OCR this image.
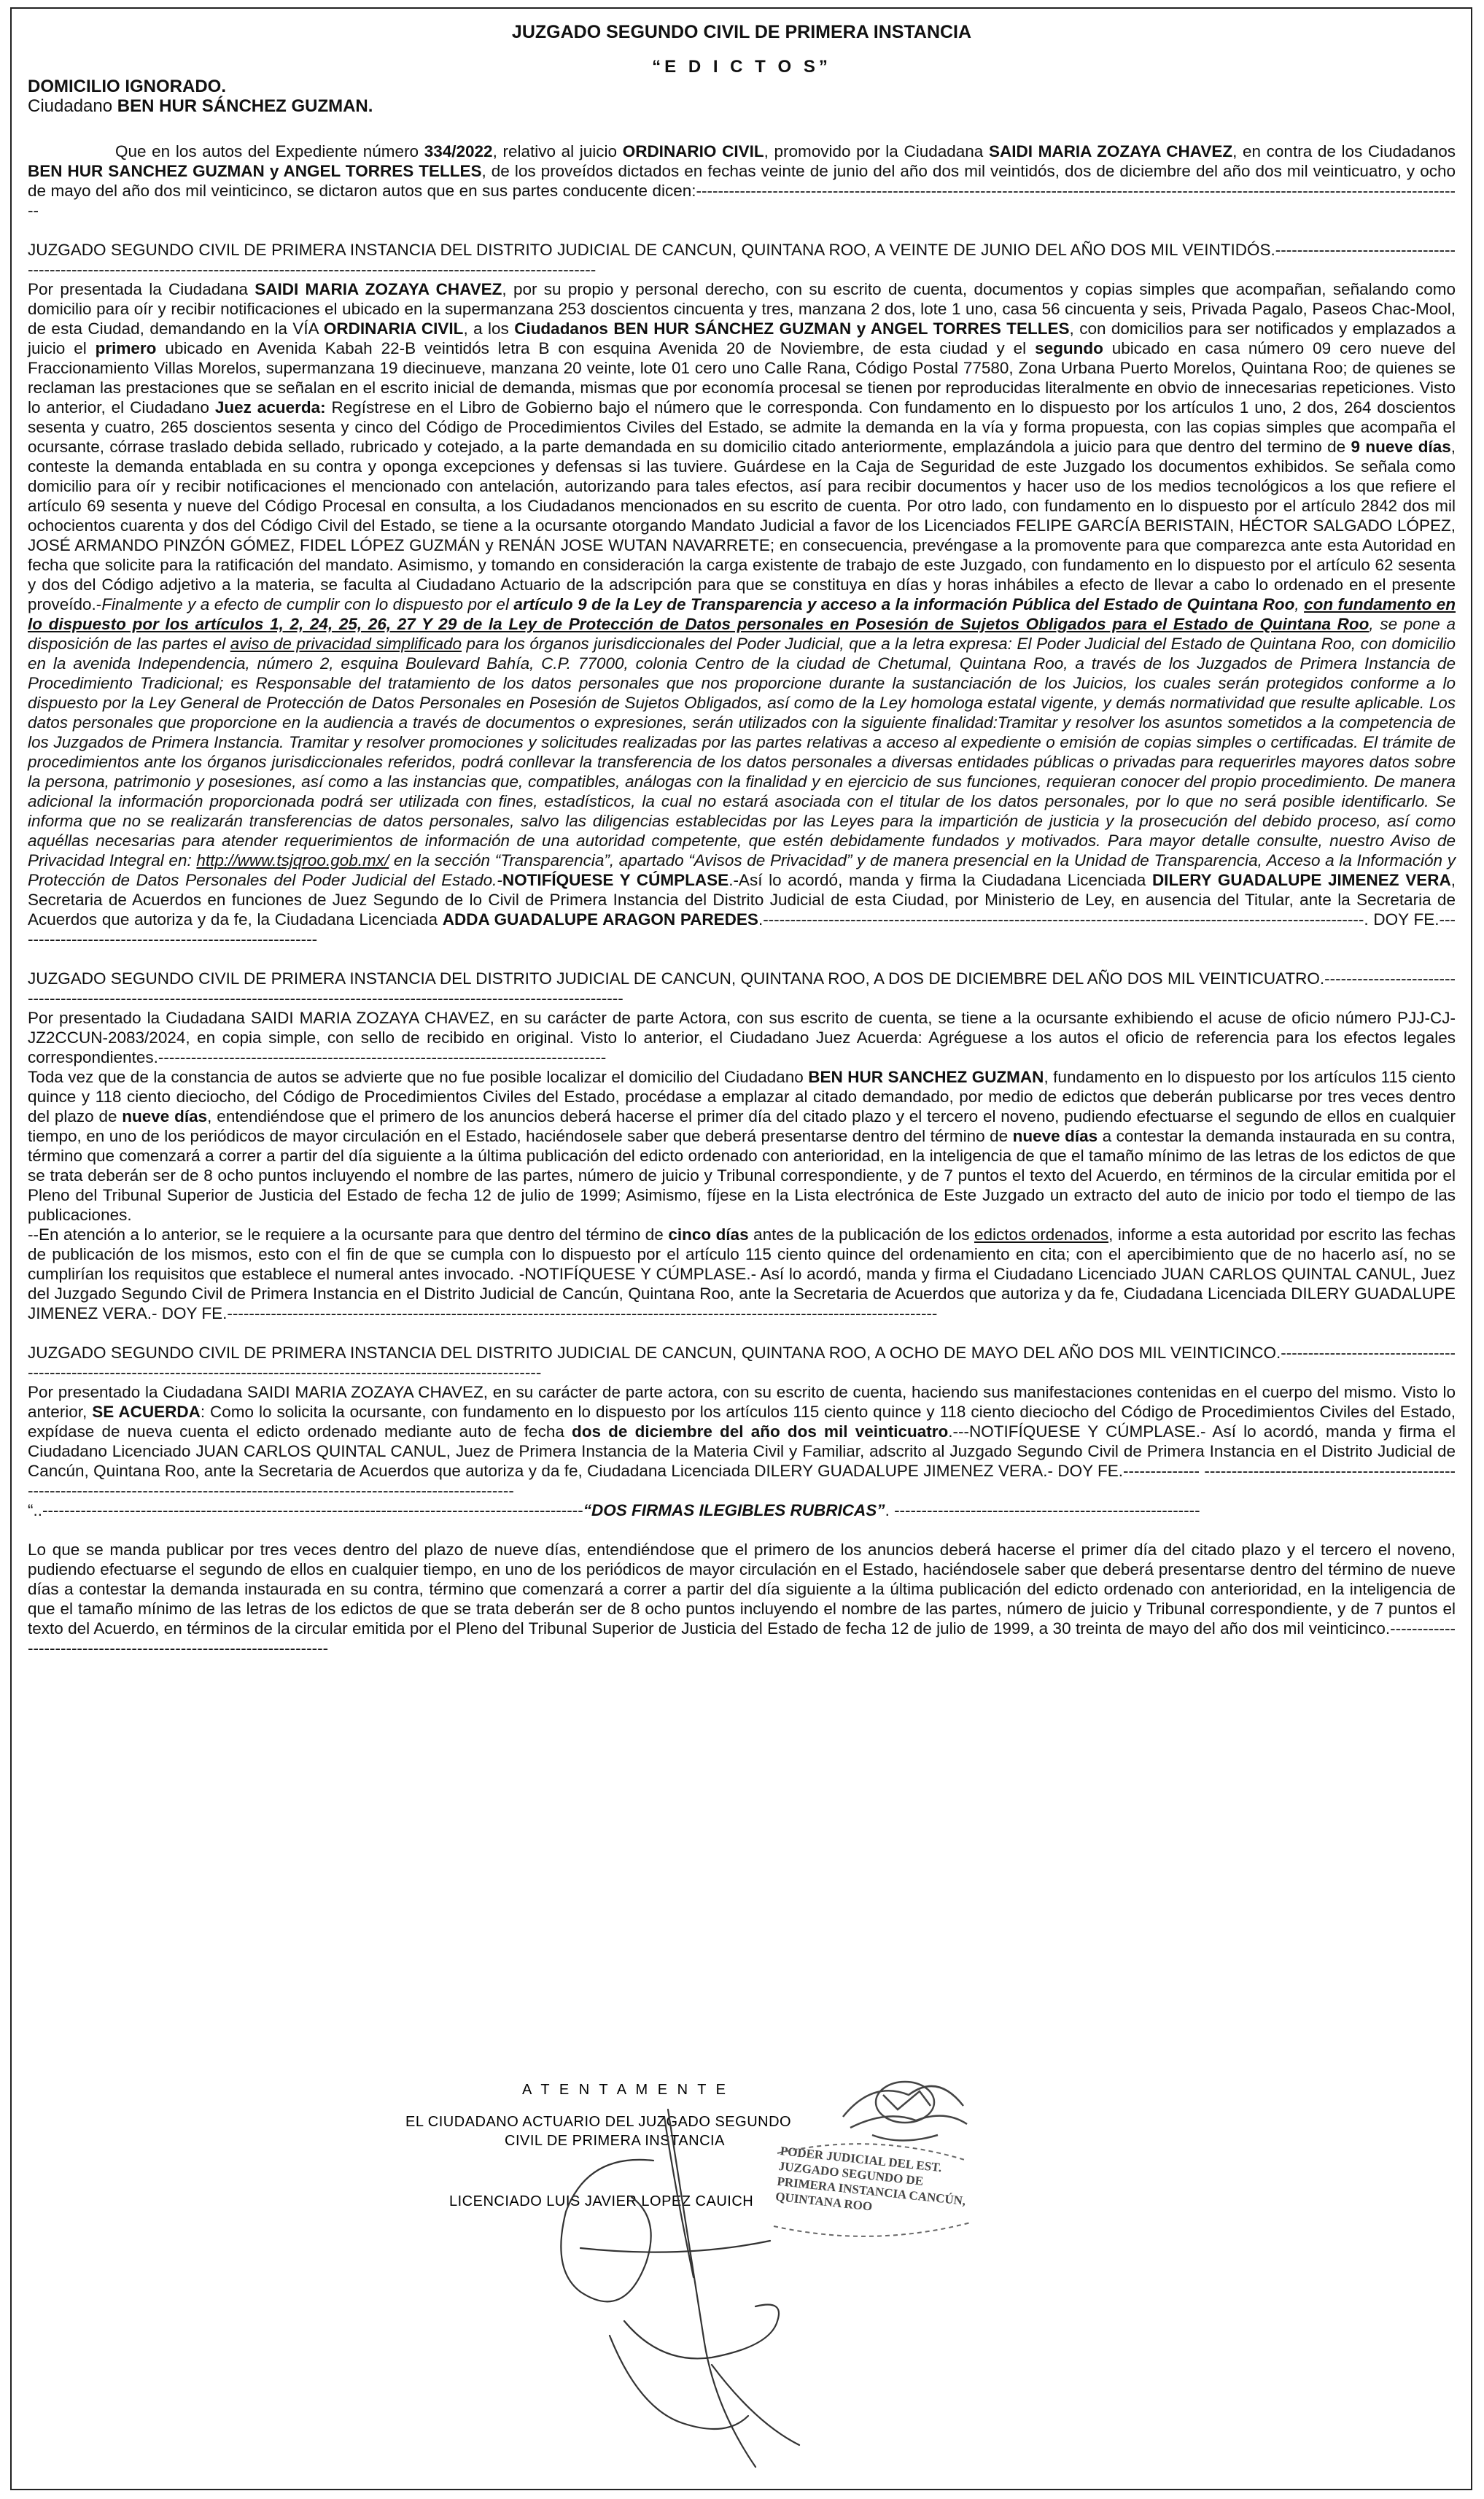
JUZGADO SEGUNDO CIVIL DE PRIMERA INSTANCIA

“E D I C T O S”

DOMICILIO IGNORADO.

Ciudadano BEN HUR SÁNCHEZ GUZMAN.

Que en los autos del Expediente número 334/2022, relativo al juicio ORDINARIO CIVIL, promovido por la Ciudadana SAIDI MARIA ZOZAYA CHAVEZ, en contra de los Ciudadanos BEN HUR SANCHEZ GUZMAN y ANGEL TORRES TELLES, de los proveídos dictados en fechas veinte de junio del año dos mil veintidós, dos de diciembre del año dos mil veinticuatro, y ocho de mayo del año dos mil veinticinco, se dictaron autos que en sus partes conducente dicen:---------------------------------------------------------------------------------------------------------------------------------------------

JUZGADO SEGUNDO CIVIL DE PRIMERA INSTANCIA DEL DISTRITO JUDICIAL DE CANCUN, QUINTANA ROO, A VEINTE DE JUNIO DEL AÑO DOS MIL VEINTIDÓS.-----------------------------------------------------------------------------------------------------------------------------------------

Por presentada la Ciudadana SAIDI MARIA ZOZAYA CHAVEZ, por su propio y personal derecho, con su escrito de cuenta, documentos y copias simples que acompañan, señalando como domicilio para oír y recibir notificaciones el ubicado en la supermanzana 253 doscientos cincuenta y tres, manzana 2 dos, lote 1 uno, casa 56 cincuenta y seis, Privada Pagalo, Paseos Chac-Mool, de esta Ciudad, demandando en la VÍA ORDINARIA CIVIL, a los Ciudadanos BEN HUR SÁNCHEZ GUZMAN y ANGEL TORRES TELLES, con domicilios para ser notificados y emplazados a juicio el primero ubicado en Avenida Kabah 22-B veintidós letra B con esquina Avenida 20 de Noviembre, de esta ciudad y el segundo ubicado en casa número 09 cero nueve del Fraccionamiento Villas Morelos, supermanzana 19 diecinueve, manzana 20 veinte, lote 01 cero uno Calle Rana, Código Postal 77580, Zona Urbana Puerto Morelos, Quintana Roo; de quienes se reclaman las prestaciones que se señalan en el escrito inicial de demanda, mismas que por economía procesal se tienen por reproducidas literalmente en obvio de innecesarias repeticiones. Visto lo anterior, el Ciudadano Juez acuerda: Regístrese en el Libro de Gobierno bajo el número que le corresponda. Con fundamento en lo dispuesto por los artículos 1 uno, 2 dos, 264 doscientos sesenta y cuatro, 265 doscientos sesenta y cinco del Código de Procedimientos Civiles del Estado, se admite la demanda en la vía y forma propuesta, con las copias simples que acompaña el ocursante, córrase traslado debida sellado, rubricado y cotejado, a la parte demandada en su domicilio citado anteriormente, emplazándola a juicio para que dentro del termino de 9 nueve días, conteste la demanda entablada en su contra y oponga excepciones y defensas si las tuviere. Guárdese en la Caja de Seguridad de este Juzgado los documentos exhibidos. Se señala como domicilio para oír y recibir notificaciones el mencionado con antelación, autorizando para tales efectos, así para recibir documentos y hacer uso de los medios tecnológicos a los que refiere el artículo 69 sesenta y nueve del Código Procesal en consulta, a los Ciudadanos mencionados en su escrito de cuenta. Por otro lado, con fundamento en lo dispuesto por el artículo 2842 dos mil ochocientos cuarenta y dos del Código Civil del Estado, se tiene a la ocursante otorgando Mandato Judicial a favor de los Licenciados FELIPE GARCÍA BERISTAIN, HÉCTOR SALGADO LÓPEZ, JOSÉ ARMANDO PINZÓN GÓMEZ, FIDEL LÓPEZ GUZMÁN y RENÁN JOSE WUTAN NAVARRETE; en consecuencia, prevéngase a la promovente para que comparezca ante esta Autoridad en fecha que solicite para la ratificación del mandato. Asimismo, y tomando en consideración la carga existente de trabajo de este Juzgado, con fundamento en lo dispuesto por el artículo 62 sesenta y dos del Código adjetivo a la materia, se faculta al Ciudadano Actuario de la adscripción para que se constituya en días y horas inhábiles a efecto de llevar a cabo lo ordenado en el presente proveído.-Finalmente y a efecto de cumplir con lo dispuesto por el artículo 9 de la Ley de Transparencia y acceso a la información Pública del Estado de Quintana Roo, con fundamento en lo dispuesto por los artículos 1, 2, 24, 25, 26, 27 Y 29 de la Ley de Protección de Datos personales en Posesión de Sujetos Obligados para el Estado de Quintana Roo, se pone a disposición de las partes el aviso de privacidad simplificado para los órganos jurisdiccionales del Poder Judicial, que a la letra expresa: El Poder Judicial del Estado de Quintana Roo, con domicilio en la avenida Independencia, número 2, esquina Boulevard Bahía, C.P. 77000, colonia Centro de la ciudad de Chetumal, Quintana Roo, a través de los Juzgados de Primera Instancia de Procedimiento Tradicional; es Responsable del tratamiento de los datos personales que nos proporcione durante la sustanciación de los Juicios, los cuales serán protegidos conforme a lo dispuesto por la Ley General de Protección de Datos Personales en Posesión de Sujetos Obligados, así como de la Ley homologa estatal vigente, y demás normatividad que resulte aplicable. Los datos personales que proporcione en la audiencia a través de documentos o expresiones, serán utilizados con la siguiente finalidad:Tramitar y resolver los asuntos sometidos a la competencia de los Juzgados de Primera Instancia. Tramitar y resolver promociones y solicitudes realizadas por las partes relativas a acceso al expediente o emisión de copias simples o certificadas. El trámite de procedimientos ante los órganos jurisdiccionales referidos, podrá conllevar la transferencia de los datos personales a diversas entidades públicas o privadas para requerirles mayores datos sobre la persona, patrimonio y posesiones, así como a las instancias que, compatibles, análogas con la finalidad y en ejercicio de sus funciones, requieran conocer del propio procedimiento. De manera adicional la información proporcionada podrá ser utilizada con fines, estadísticos, la cual no estará asociada con el titular de los datos personales, por lo que no será posible identificarlo. Se informa que no se realizarán transferencias de datos personales, salvo las diligencias establecidas por las Leyes para la impartición de justicia y la prosecución del debido proceso, así como aquéllas necesarias para atender requerimientos de información de una autoridad competente, que estén debidamente fundados y motivados. Para mayor detalle consulte, nuestro Aviso de Privacidad Integral en: http://www.tsjqroo.gob.mx/ en la sección “Transparencia”, apartado “Avisos de Privacidad” y de manera presencial en la Unidad de Transparencia, Acceso a la Información y Protección de Datos Personales del Poder Judicial del Estado.-NOTIFÍQUESE Y CÚMPLASE.-Así lo acordó, manda y firma la Ciudadana Licenciada DILERY GUADALUPE JIMENEZ VERA, Secretaria de Acuerdos en funciones de Juez Segundo de lo Civil de Primera Instancia del Distrito Judicial de esta Ciudad, por Ministerio de Ley, en ausencia del Titular, ante la Secretaria de Acuerdos que autoriza y da fe, la Ciudadana Licenciada ADDA GUADALUPE ARAGON PAREDES.--------------------------------------------------------------------------------------------------------------. DOY FE.--------------------------------------------------------

JUZGADO SEGUNDO CIVIL DE PRIMERA INSTANCIA DEL DISTRITO JUDICIAL DE CANCUN, QUINTANA ROO, A DOS DE DICIEMBRE DEL AÑO DOS MIL VEINTICUATRO.-------------------------------------------------------------------------------------------------------------------------------------

Por presentado la Ciudadana SAIDI MARIA ZOZAYA CHAVEZ, en su carácter de parte Actora, con sus escrito de cuenta, se tiene a la ocursante exhibiendo el acuse de oficio número PJJ-CJ-JZ2CCUN-2083/2024, en copia simple, con sello de recibido en original. Visto lo anterior, el Ciudadano Juez Acuerda: Agréguese a los autos el oficio de referencia para los efectos legales correspondientes.----------------------------------------------------------------------------------

Toda vez que de la constancia de autos se advierte que no fue posible localizar el domicilio del Ciudadano BEN HUR SANCHEZ GUZMAN, fundamento en lo dispuesto por los artículos 115 ciento quince y 118 ciento dieciocho, del Código de Procedimientos Civiles del Estado, procédase a emplazar al citado demandado, por medio de edictos que deberán publicarse por tres veces dentro del plazo de nueve días, entendiéndose que el primero de los anuncios deberá hacerse el primer día del citado plazo y el tercero el noveno, pudiendo efectuarse el segundo de ellos en cualquier tiempo, en uno de los periódicos de mayor circulación en el Estado, haciéndosele saber que deberá presentarse dentro del término de nueve días a contestar la demanda instaurada en su contra, término que comenzará a correr a partir del día siguiente a la última publicación del edicto ordenado con anterioridad, en la inteligencia de que el tamaño mínimo de las letras de los edictos de que se trata deberán ser de 8 ocho puntos incluyendo el nombre de las partes, número de juicio y Tribunal correspondiente, y de 7 puntos el texto del Acuerdo, en términos de la circular emitida por el Pleno del Tribunal Superior de Justicia del Estado de fecha 12 de julio de 1999; Asimismo, fíjese en la Lista electrónica de Este Juzgado un extracto del auto de inicio por todo el tiempo de las publicaciones.

--En atención a lo anterior, se le requiere a la ocursante para que dentro del término de cinco días antes de la publicación de los edictos ordenados, informe a esta autoridad por escrito las fechas de publicación de los mismos, esto con el fin de que se cumpla con lo dispuesto por el artículo 115 ciento quince del ordenamiento en cita; con el apercibimiento que de no hacerlo así, no se cumplirían los requisitos que establece el numeral antes invocado. -NOTIFÍQUESE Y CÚMPLASE.- Así lo acordó, manda y firma el Ciudadano Licenciado JUAN CARLOS QUINTAL CANUL, Juez del Juzgado Segundo Civil de Primera Instancia en el Distrito Judicial de Cancún, Quintana Roo, ante la Secretaria de Acuerdos que autoriza y da fe, Ciudadana Licenciada DILERY GUADALUPE JIMENEZ VERA.- DOY FE.----------------------------------------------------------------------------------------------------------------------------------

JUZGADO SEGUNDO CIVIL DE PRIMERA INSTANCIA DEL DISTRITO JUDICIAL DE CANCUN, QUINTANA ROO, A OCHO DE MAYO DEL AÑO DOS MIL VEINTICINCO.------------------------------------------------------------------------------------------------------------------------------

Por presentado la Ciudadana SAIDI MARIA ZOZAYA CHAVEZ, en su carácter de parte actora, con su escrito de cuenta, haciendo sus manifestaciones contenidas en el cuerpo del mismo. Visto lo anterior, SE ACUERDA: Como lo solicita la ocursante, con fundamento en lo dispuesto por los artículos 115 ciento quince y 118 ciento dieciocho del Código de Procedimientos Civiles del Estado, expídase de nueva cuenta el edicto ordenado mediante auto de fecha dos de diciembre del año dos mil veinticuatro.---NOTIFÍQUESE Y CÚMPLASE.- Así lo acordó, manda y firma el Ciudadano Licenciado JUAN CARLOS QUINTAL CANUL, Juez de Primera Instancia de la Materia Civil y Familiar, adscrito al Juzgado Segundo Civil de Primera Instancia en el Distrito Judicial de Cancún, Quintana Roo, ante la Secretaria de Acuerdos que autoriza y da fe, Ciudadana Licenciada DILERY GUADALUPE JIMENEZ VERA.- DOY FE.-------------- ---------------------------------------------------------------------------------------------------------------------------------------

“..---------------------------------------------------------------------------------------------------“DOS FIRMAS ILEGIBLES RUBRICAS”. --------------------------------------------------------

Lo que se manda publicar por tres veces dentro del plazo de nueve días, entendiéndose que el primero de los anuncios deberá hacerse el primer día del citado plazo y el tercero el noveno, pudiendo efectuarse el segundo de ellos en cualquier tiempo, en uno de los periódicos de mayor circulación en el Estado, haciéndosele saber que deberá presentarse dentro del término de nueve días a contestar la demanda instaurada en su contra, término que comenzará a correr a partir del día siguiente a la última publicación del edicto ordenado con anterioridad, en la inteligencia de que el tamaño mínimo de las letras de los edictos de que se trata deberán ser de 8 ocho puntos incluyendo el nombre de las partes, número de juicio y Tribunal correspondiente, y de 7 puntos el texto del Acuerdo, en términos de la circular emitida por el Pleno del Tribunal Superior de Justicia del Estado de fecha 12 de julio de 1999, a 30 treinta de mayo del año dos mil veinticinco.-------------------------------------------------------------------

A T E N T A M E N T E
EL CIUDADANO ACTUARIO DEL JUZGADO SEGUNDO
CIVIL DE PRIMERA INSTANCIA
LICENCIADO LUIS JAVIER LOPEZ CAUICH
PODER JUDICIAL DEL EST. JUZGADO SEGUNDO DE PRIMERA INSTANCIA CANCÚN, QUINTANA ROO
